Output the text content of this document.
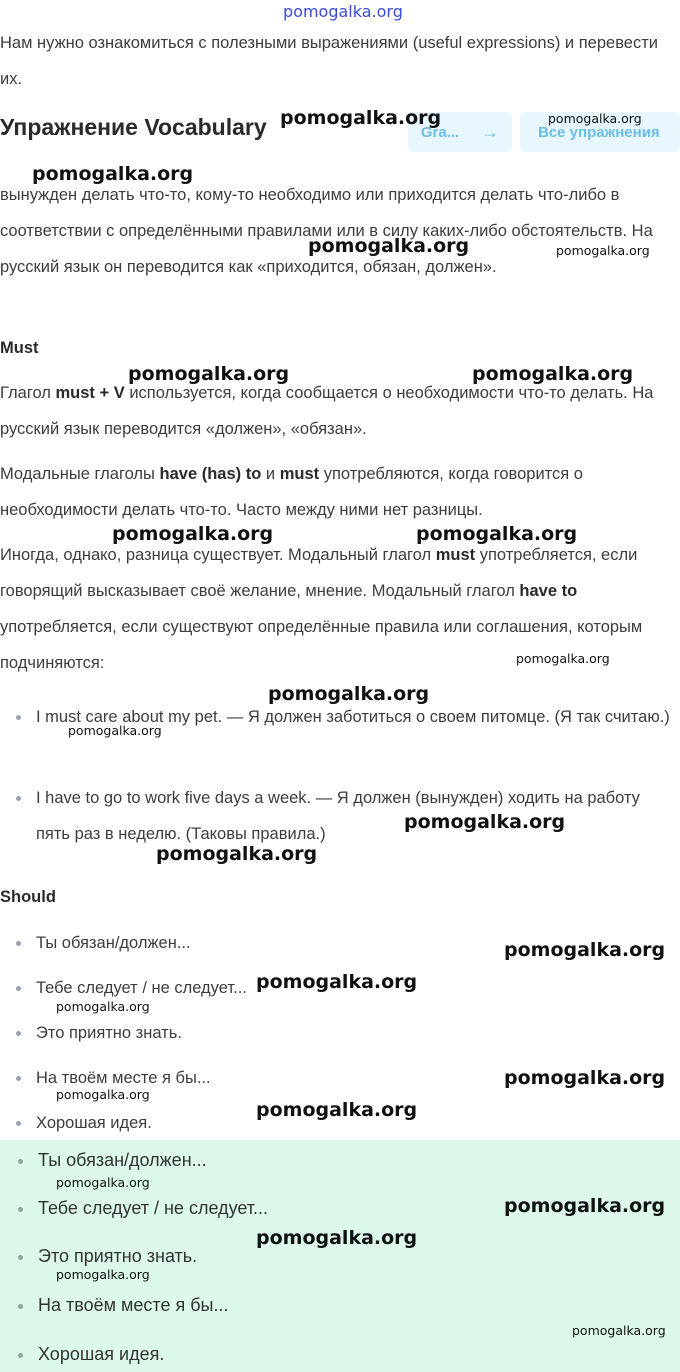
pomogalka.org

Нам нужно ознакомиться с полезными выражениями (useful expressions) и перевести их.

Упражнение Vocabulary	Gra... →	Все упражнения

вынужден делать что-то, кому-то необходимо или приходится делать что-либо в соответствии с определёнными правилами или в силу каких-либо обстоятельств. На русский язык он переводится как «приходится, обязан, должен».

Must

Глагол must + V используется, когда сообщается о необходимости что-то делать. На русский язык переводится «должен», «обязан».

Модальные глаголы have (has) to и must употребляются, когда говорится о необходимости делать что-то. Часто между ними нет разницы.

Иногда, однако, разница существует. Модальный глагол must употребляется, если говорящий высказывает своё желание, мнение. Модальный глагол have to употребляется, если существуют определённые правила или соглашения, которым подчиняются:

I must care about my pet. — Я должен заботиться о своем питомце. (Я так считаю.)

I have to go to work five days a week. — Я должен (вынужден) ходить на работу пять раз в неделю. (Таковы правила.)

Should

Ты обязан/должен...

Тебе следует / не следует...

Это приятно знать.

На твоём месте я бы...

Хорошая идея.

Ты обязан/должен...

Тебе следует / не следует...

Это приятно знать.

На твоём месте я бы...

Хорошая идея.

pomogalka.org	pomogalka.org
pomogalka.org
pomogalka.org	pomogalka.org
pomogalka.org	pomogalka.org
pomogalka.org	pomogalka.org
pomogalka.org
pomogalka.org
pomogalka.org
pomogalka.org
pomogalka.org
pomogalka.org
pomogalka.org
pomogalka.org
pomogalka.org
pomogalka.org
pomogalka.org
pomogalka.org
pomogalka.org
pomogalka.org
pomogalka.org
pomogalka.org
